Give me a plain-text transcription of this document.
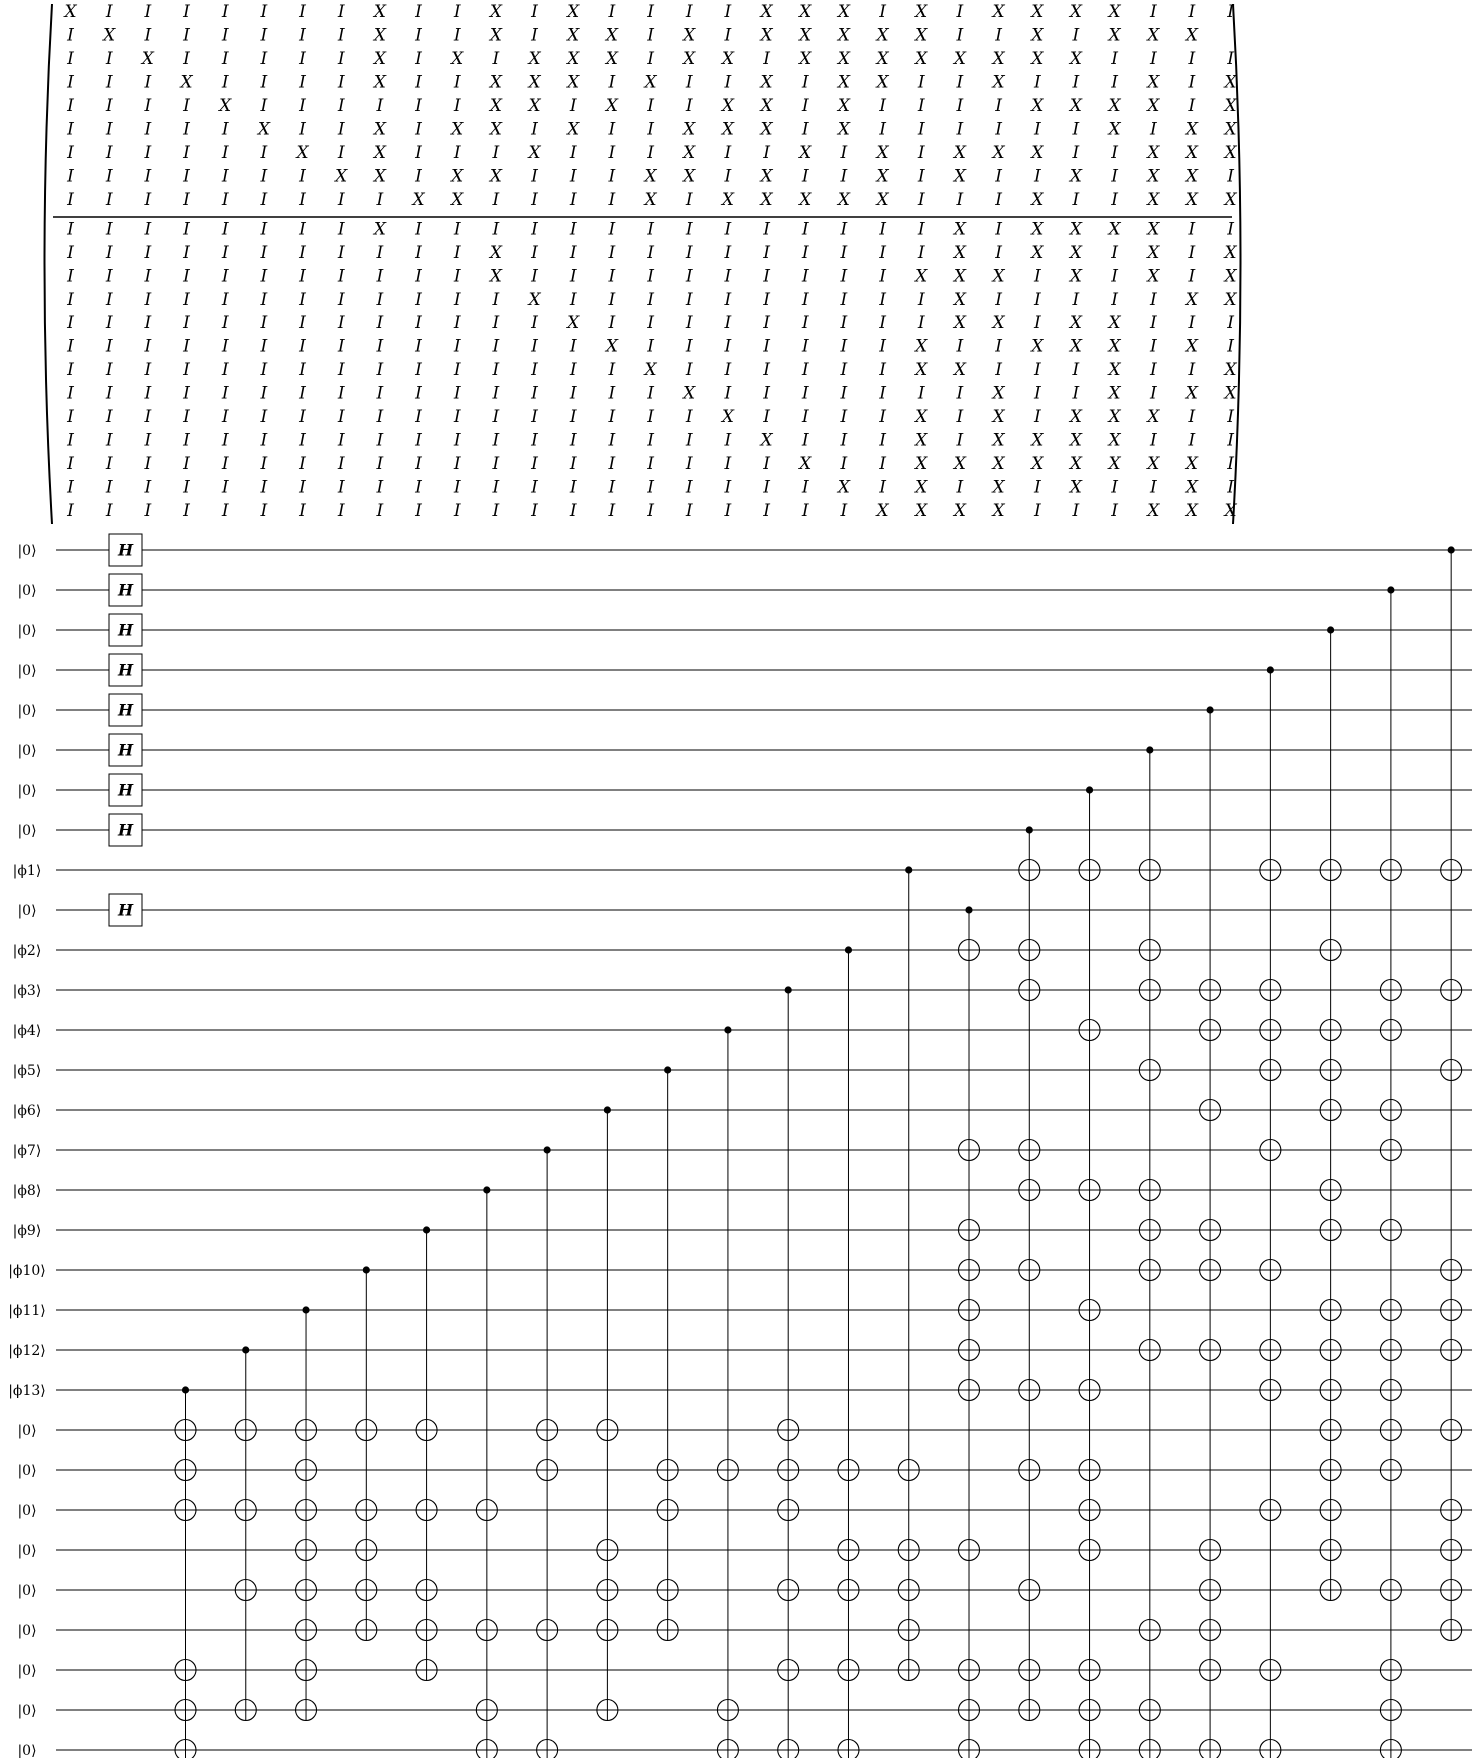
X I I I I I I I X I I X I X I I I I X X X I X I X X X X I I I
I X I I I I I I X I I X I X X I X I X X X X X I I X I X X X
I I X I I I I I X I X I X X X I X X I X X X X X X X X I I I I
I I I X I I I I X I I X X X I X I I X I X X I I X I I I X I X
I I I I X I I I I I I X X I X I I X X I X I I I I X X X X I X
I I I I I X I I X I X X I X I I X X X I X I I I I I I X I X X
I I I I I I X I X I I I X I I I X I I X I X I X X X I I X X X
I I I I I I I X X I X X I I I X X I X I I X I X I I X I X X I
I I I I I I I I I X X I I I I X I X X X X X I I I X I I X X X
I I I I I I I I X I I I I I I I I I I I I I I X I X X X X I I
I I I I I I I I I I I X I I I I I I I I I I I X I X X I X I X
I I I I I I I I I I I X I I I I I I I I I I X X X I X I X I X
I I I I I I I I I I I I X I I I I I I I I I I X I I I I I X X
I I I I I I I I I I I I I X I I I I I I I I I X X I X X I I I
I I I I I I I I I I I I I I X I I I I I I I X I I X X X I X I
I I I I I I I I I I I I I I I X I I I I I I X X I I I X I I X
I I I I I I I I I I I I I I I I X I I I I I I I X I I X I X X
I I I I I I I I I I I I I I I I I X I I I I X I X I X X X I I
I I I I I I I I I I I I I I I I I I X I I I X I X X X X I I I
I I I I I I I I I I I I I I I I I I I X I I X X X X X X X X I
I I I I I I I I I I I I I I I I I I I I X I X I X I X I I X I
I I I I I I I I I I I I I I I I I I I I I X X X X I I I X X X
|0⟩
|0⟩
|0⟩
|0⟩
|0⟩
|0⟩
|0⟩
|0⟩
|ϕ1⟩
|0⟩
|ϕ2⟩
|ϕ3⟩
|ϕ4⟩
|ϕ5⟩
|ϕ6⟩
|ϕ7⟩
|ϕ8⟩
|ϕ9⟩
|ϕ10⟩
|ϕ11⟩
|ϕ12⟩
|ϕ13⟩
|0⟩
|0⟩
|0⟩
|0⟩
|0⟩
|0⟩
|0⟩
|0⟩
|0⟩
H
H
H
H
H
H
H
H
H
